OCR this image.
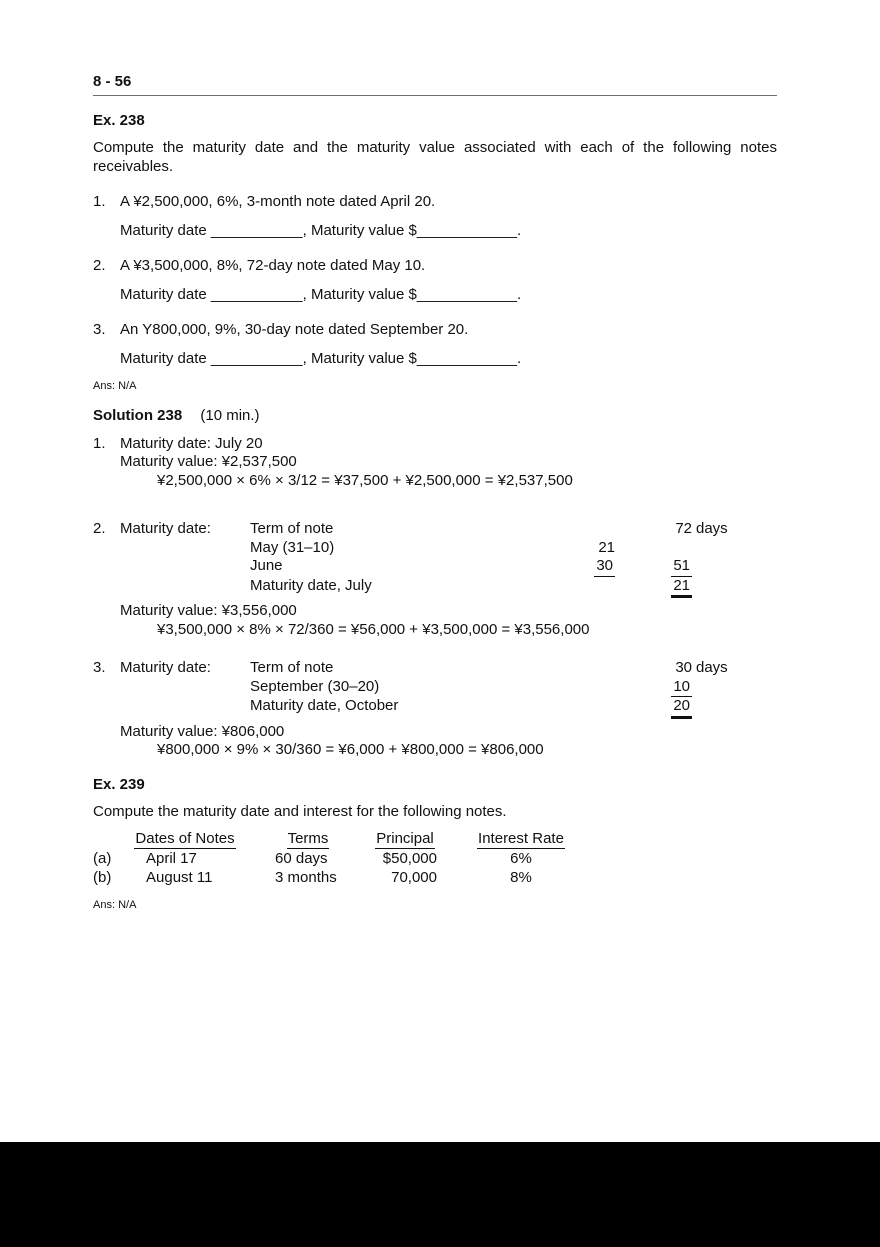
8 - 56
Ex. 238
Compute the maturity date and the maturity value associated with each of the following notes receivables.
1. A ¥2,500,000, 6%, 3-month note dated April 20.
Maturity date ___________, Maturity value $____________.
2. A ¥3,500,000, 8%, 72-day note dated May 10.
Maturity date ___________, Maturity value $____________.
3. An Y800,000, 9%, 30-day note dated September 20.
Maturity date ___________, Maturity value $____________.
Ans: N/A
Solution 238 (10 min.)
1. Maturity date: July 20
Maturity value: ¥2,537,500
¥2,500,000 × 6% × 3/12 = ¥37,500 + ¥2,500,000 = ¥2,537,500
2. Maturity date:	Term of note	72 days
May (31–10)	21
June	30	51
Maturity date, July	21
Maturity value: ¥3,556,000
¥3,500,000 × 8% × 72/360 = ¥56,000 + ¥3,500,000 = ¥3,556,000
3. Maturity date:	Term of note	30 days
September (30–20)	10
Maturity date, October	20
Maturity value: ¥806,000
¥800,000 × 9% × 30/360 = ¥6,000 + ¥800,000 = ¥806,000
Ex. 239
Compute the maturity date and interest for the following notes.
Dates of Notes	Terms	Principal	Interest Rate
(a)	April 17	60 days	$50,000	6%
(b)	August 11	3 months	70,000	8%
Ans: N/A
